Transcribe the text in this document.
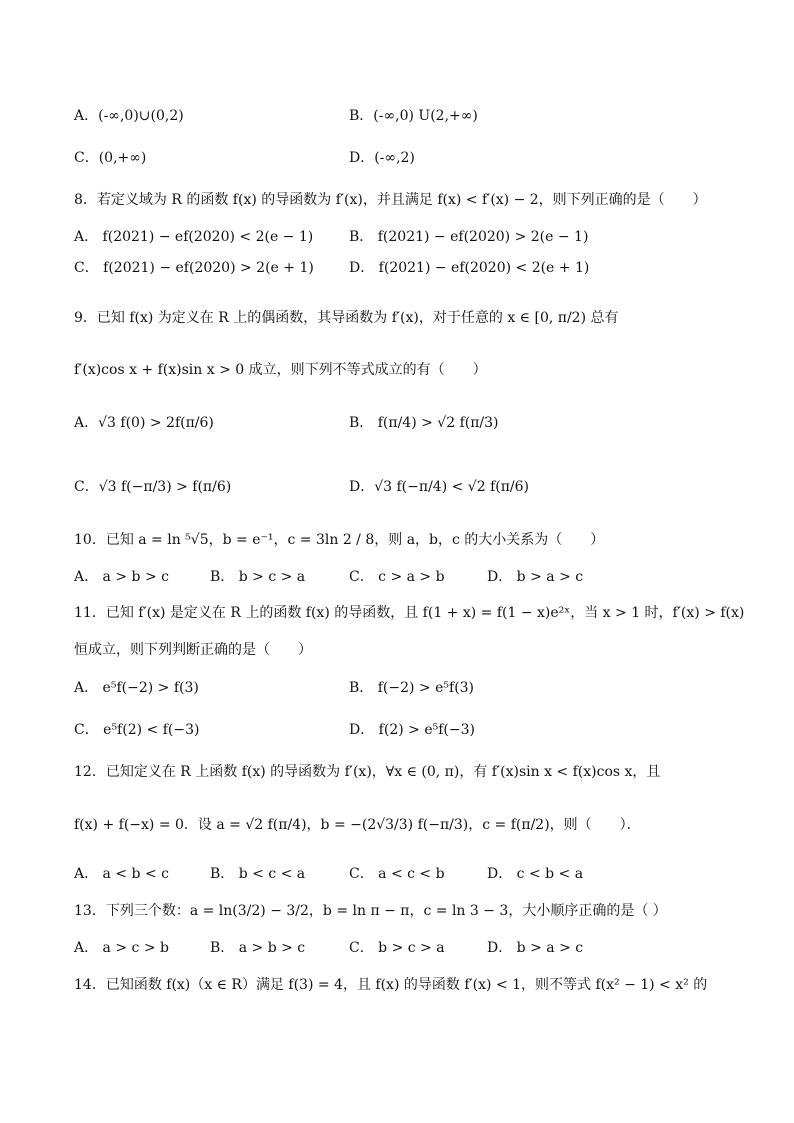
A．(-∞,0)∪(0,2)	B．(-∞,0) U(2,+∞)
C．(0,+∞)	D．(-∞,2)
8．若定义域为 R 的函数 f(x) 的导函数为 f′(x)，并且满足 f(x) < f′(x) − 2，则下列正确的是（　　）
A． f(2021) − ef(2020) < 2(e − 1)	B． f(2021) − ef(2020) > 2(e − 1)
C． f(2021) − ef(2020) > 2(e + 1)	D． f(2021) − ef(2020) < 2(e + 1)
9．已知 f(x) 为定义在 R 上的偶函数，其导函数为 f′(x)，对于任意的 x ∈ [0, π/2) 总有
f′(x)cos x + f(x)sin x > 0 成立，则下列不等式成立的有（　　）
A．√3 f(0) > 2f(π/6)	B． f(π/4) > √2 f(π/3)
C．√3 f(−π/3) > f(π/6)	D．√3 f(−π/4) < √2 f(π/6)
10．已知 a = ln ⁵√5，b = e⁻¹，c = 3ln 2 / 8，则 a，b，c 的大小关系为（　　）
A． a > b > c	B． b > c > a	C． c > a > b	D． b > a > c
11．已知 f′(x) 是定义在 R 上的函数 f(x) 的导函数，且 f(1 + x) = f(1 − x)e²ˣ，当 x > 1 时，f′(x) > f(x)
恒成立，则下列判断正确的是（　　）
A． e⁵f(−2) > f(3)	B． f(−2) > e⁵f(3)
C． e⁵f(2) < f(−3)	D． f(2) > e⁵f(−3)
12．已知定义在 R 上函数 f(x) 的导函数为 f′(x)，∀x ∈ (0, π)，有 f′(x)sin x < f(x)cos x，且
f(x) + f(−x) = 0．设 a = √2 f(π/4)，b = −(2√3/3) f(−π/3)，c = f(π/2)，则（　　）．
A． a < b < c	B． b < c < a	C． a < c < b	D． c < b < a
13．下列三个数：a = ln(3/2) − 3/2，b = ln π − π，c = ln 3 − 3，大小顺序正确的是（ ）
A． a > c > b	B． a > b > c	C． b > c > a	D． b > a > c
14．已知函数 f(x)（x ∈ R）满足 f(3) = 4，且 f(x) 的导函数 f′(x) < 1，则不等式 f(x² − 1) < x² 的
